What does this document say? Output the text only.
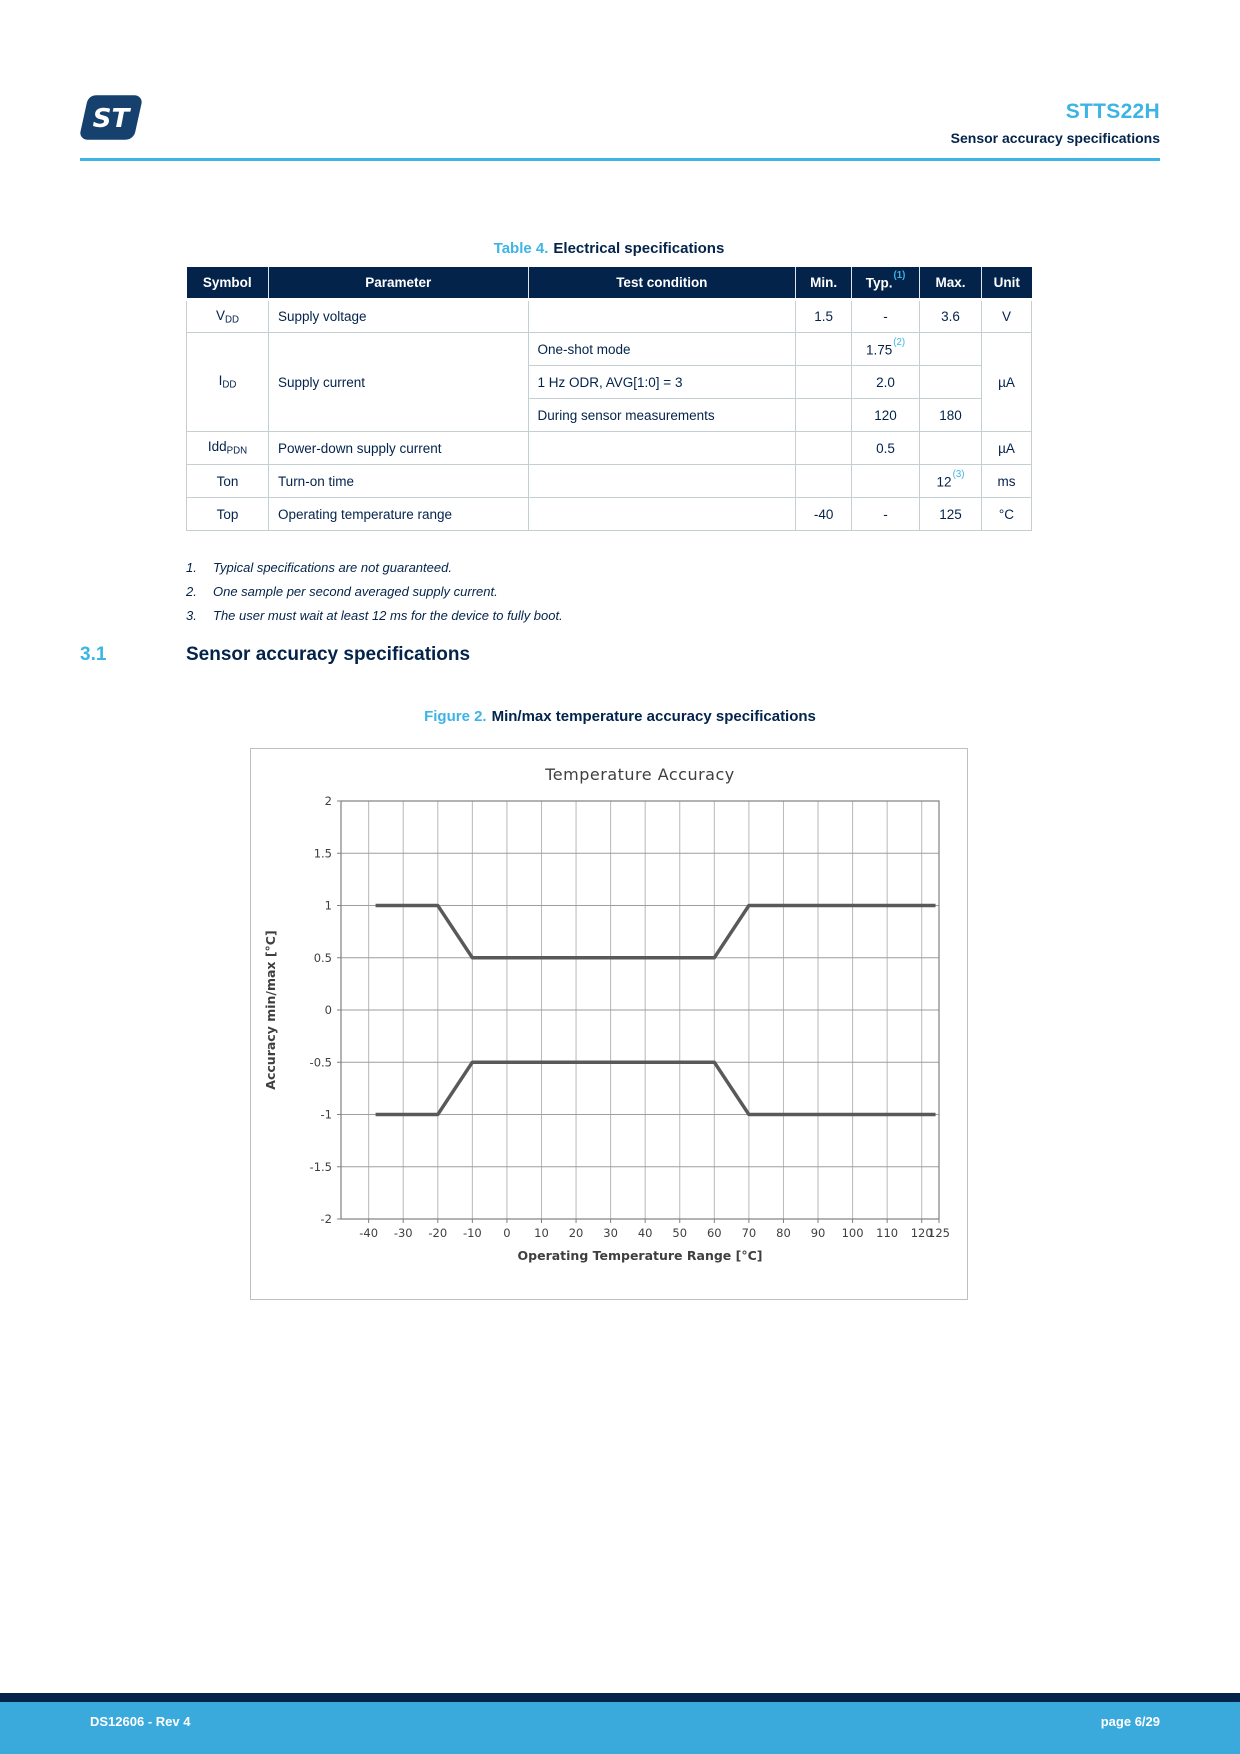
ST	STTS22H
Sensor accuracy specifications
Table 4. Electrical specifications
Symbol	Parameter	Test condition	Min.	Typ.$^{(1)}$	Max.	Unit
$V_{DD}$	Supply voltage		1.5	-	3.6	V
$I_{DD}$	Supply current	One-shot mode		1.75$^{(2)}$		µA
		1 Hz ODR, AVG[1:0] = 3		2.0		
		During sensor measurements		120	180	
Idd$_{PDN}$	Power-down supply current			0.5		µA
Ton	Turn-on time				12$^{(3)}$	ms
Top	Operating temperature range		-40	-	125	°C
1. Typical specifications are not guaranteed.
2. One sample per second averaged supply current.
3. The user must wait at least 12 ms for the device to fully boot.
3.1	Sensor accuracy specifications
Figure 2. Min/max temperature accuracy specifications
-40 -30 -20 -10 0 10 20 30 40 50 60 70 80 90 100 110 120
125
2
1.5
1
0.5
0
-0.5
-1
-1.5
-2
Temperature Accuracy
Operating Temperature Range [°C]
Accuracy min/max [°C]
DS12606 - Rev 4	page 6/29
